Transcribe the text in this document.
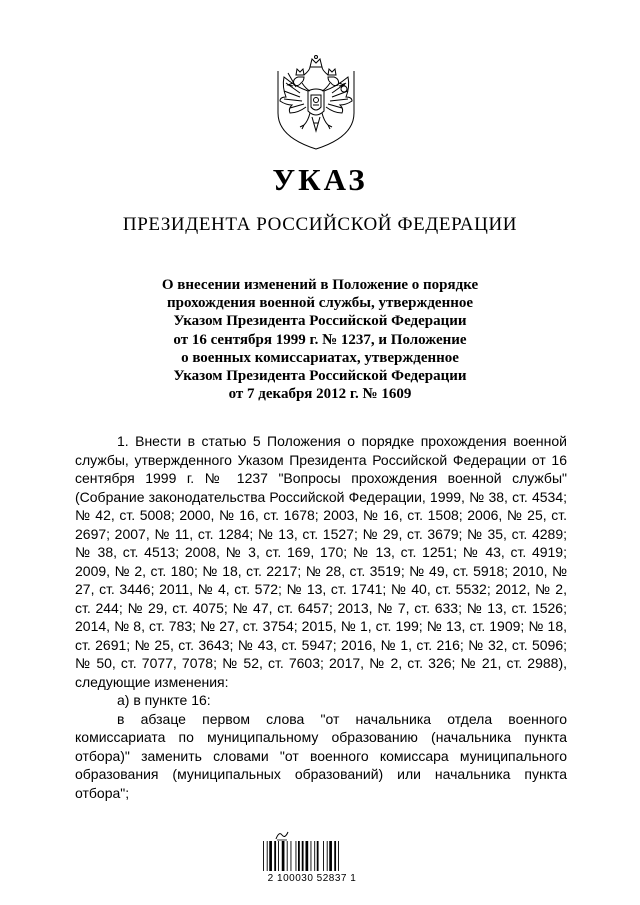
УКАЗ
ПРЕЗИДЕНТА РОССИЙСКОЙ ФЕДЕРАЦИИ
О внесении изменений в Положение о порядке
прохождения военной службы, утвержденное
Указом Президента Российской Федерации
от 16 сентября 1999 г. № 1237, и Положение
о военных комиссариатах, утвержденное
Указом Президента Российской Федерации
от 7 декабря 2012 г. № 1609

1. Внести в статью 5 Положения о порядке прохождения военной службы, утвержденного Указом Президента Российской Федерации от 16 сентября 1999 г. № 1237 "Вопросы прохождения военной службы" (Собрание законодательства Российской Федерации, 1999, № 38, ст. 4534; № 42, ст. 5008; 2000, № 16, ст. 1678; 2003, № 16, ст. 1508; 2006, № 25, ст. 2697; 2007, № 11, ст. 1284; № 13, ст. 1527; № 29, ст. 3679; № 35, ст. 4289; № 38, ст. 4513; 2008, № 3, ст. 169, 170; № 13, ст. 1251; № 43, ст. 4919; 2009, № 2, ст. 180; № 18, ст. 2217; № 28, ст. 3519; № 49, ст. 5918; 2010, № 27, ст. 3446; 2011, № 4, ст. 572; № 13, ст. 1741; № 40, ст. 5532; 2012, № 2, ст. 244; № 29, ст. 4075; № 47, ст. 6457; 2013, № 7, ст. 633; № 13, ст. 1526; 2014, № 8, ст. 783; № 27, ст. 3754; 2015, № 1, ст. 199; № 13, ст. 1909; № 18, ст. 2691; № 25, ст. 3643; № 43, ст. 5947; 2016, № 1, ст. 216; № 32, ст. 5096; № 50, ст. 7077, 7078; № 52, ст. 7603; 2017, № 2, ст. 326; № 21, ст. 2988), следующие изменения:

а) в пункте 16:

в абзаце первом слова "от начальника отдела военного комиссариата по муниципальному образованию (начальника пункта отбора)" заменить словами "от военного комиссара муниципального образования (муниципальных образований) или начальника пункта отбора";

2 100030 52837 1
